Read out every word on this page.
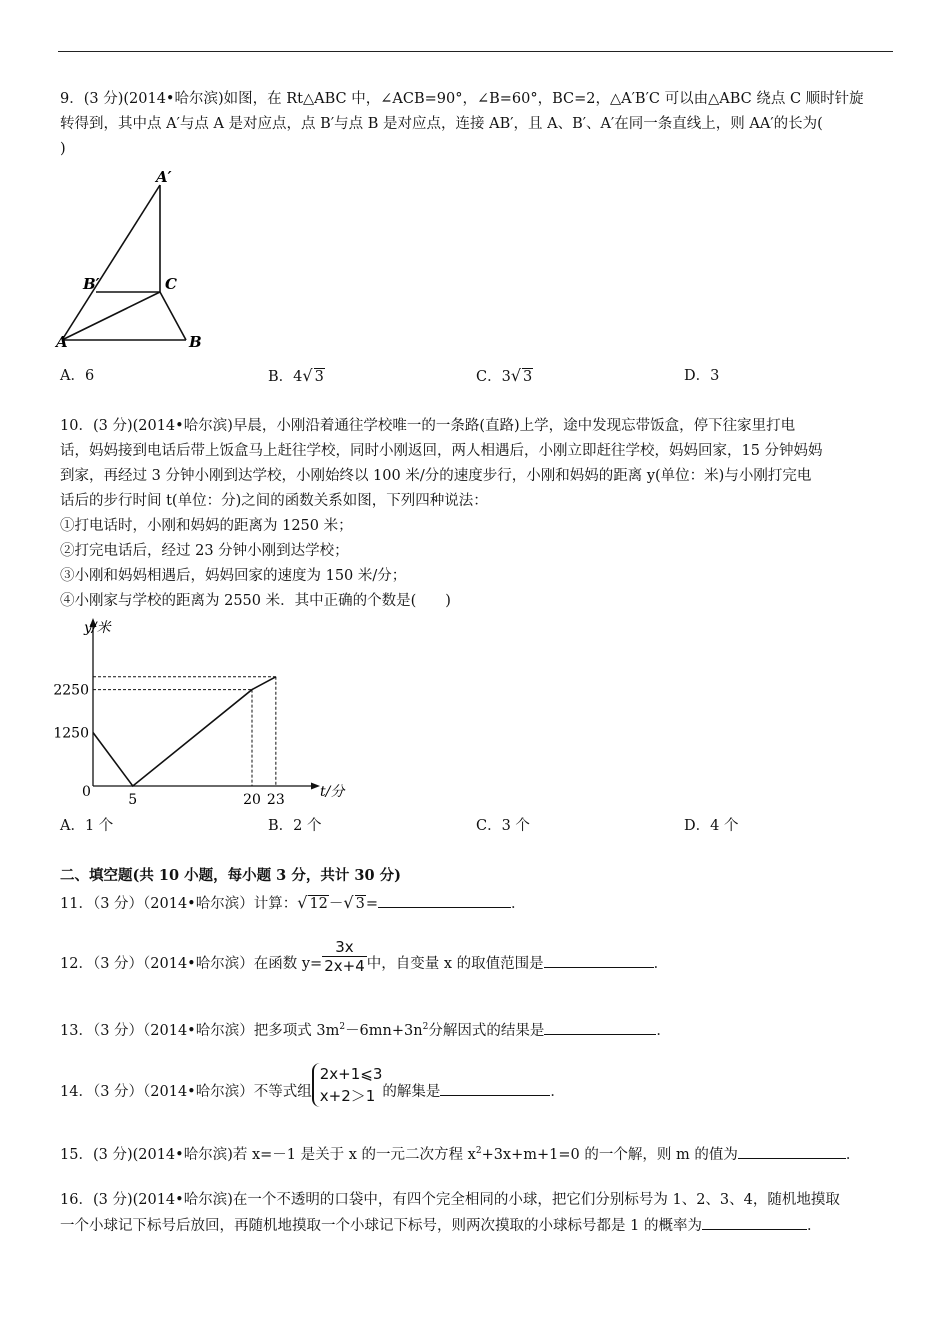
9．(3 分)(2014•哈尔滨)如图，在 Rt△ABC 中，∠ACB=90°，∠B=60°，BC=2，△A′B′C 可以由△ABC 绕点 C 顺时针旋
转得到，其中点 A′与点 A 是对应点，点 B′与点 B 是对应点，连接 AB′，且 A、B′、A′在同一条直线上，则 AA′的长为(
)
A′
B′	C
A	B
A．6	B．4√ 3	C．3√ 3	D．3
10．(3 分)(2014•哈尔滨)早晨，小刚沿着通往学校唯一的一条路(直路)上学，途中发现忘带饭盒，停下往家里打电
话，妈妈接到电话后带上饭盒马上赶往学校，同时小刚返回，两人相遇后，小刚立即赶往学校，妈妈回家，15 分钟妈妈
到家，再经过 3 分钟小刚到达学校，小刚始终以 100 米/分的速度步行，小刚和妈妈的距离 y(单位：米)与小刚打完电
话后的步行时间 t(单位：分)之间的函数关系如图，下列四种说法：
①打电话时，小刚和妈妈的距离为 1250 米；
②打完电话后，经过 23 分钟小刚到达学校；
③小刚和妈妈相遇后，妈妈回家的速度为 150 米/分；
④小刚家与学校的距离为 2550 米．其中正确的个数是(　　)
y/米
t/分
0	5	20 23
1250
2250
A．1 个	B．2 个	C．3 个	D．4 个
二、填空题(共 10 小题，每小题 3 分，共计 30 分)
11．（3 分）（2014•哈尔滨）计算：√ 12－√ 3=	．
12．（3 分）（2014•哈尔滨）在函数 $y= \frac{3x}{2x+4}$ 中，自变量 x 的取值范围是	．
13．（3 分）（2014•哈尔滨）把多项式 $3m^2-6mn+3n^2$分解因式的结果是	．
14．（3 分）（2014•哈尔滨）不等式组
2x+1⩽3
x+2＞1 的解集是	．
15．(3 分)(2014•哈尔滨)若 x=－1 是关于 x 的一元二次方程 $x^2+3x+m+1=0$ 的一个解，则 m 的值为	．
16．(3 分)(2014•哈尔滨)在一个不透明的口袋中，有四个完全相同的小球，把它们分别标号为 1、2、3、4，随机地摸取
一个小球记下标号后放回，再随机地摸取一个小球记下标号，则两次摸取的小球标号都是 1 的概率为	．
